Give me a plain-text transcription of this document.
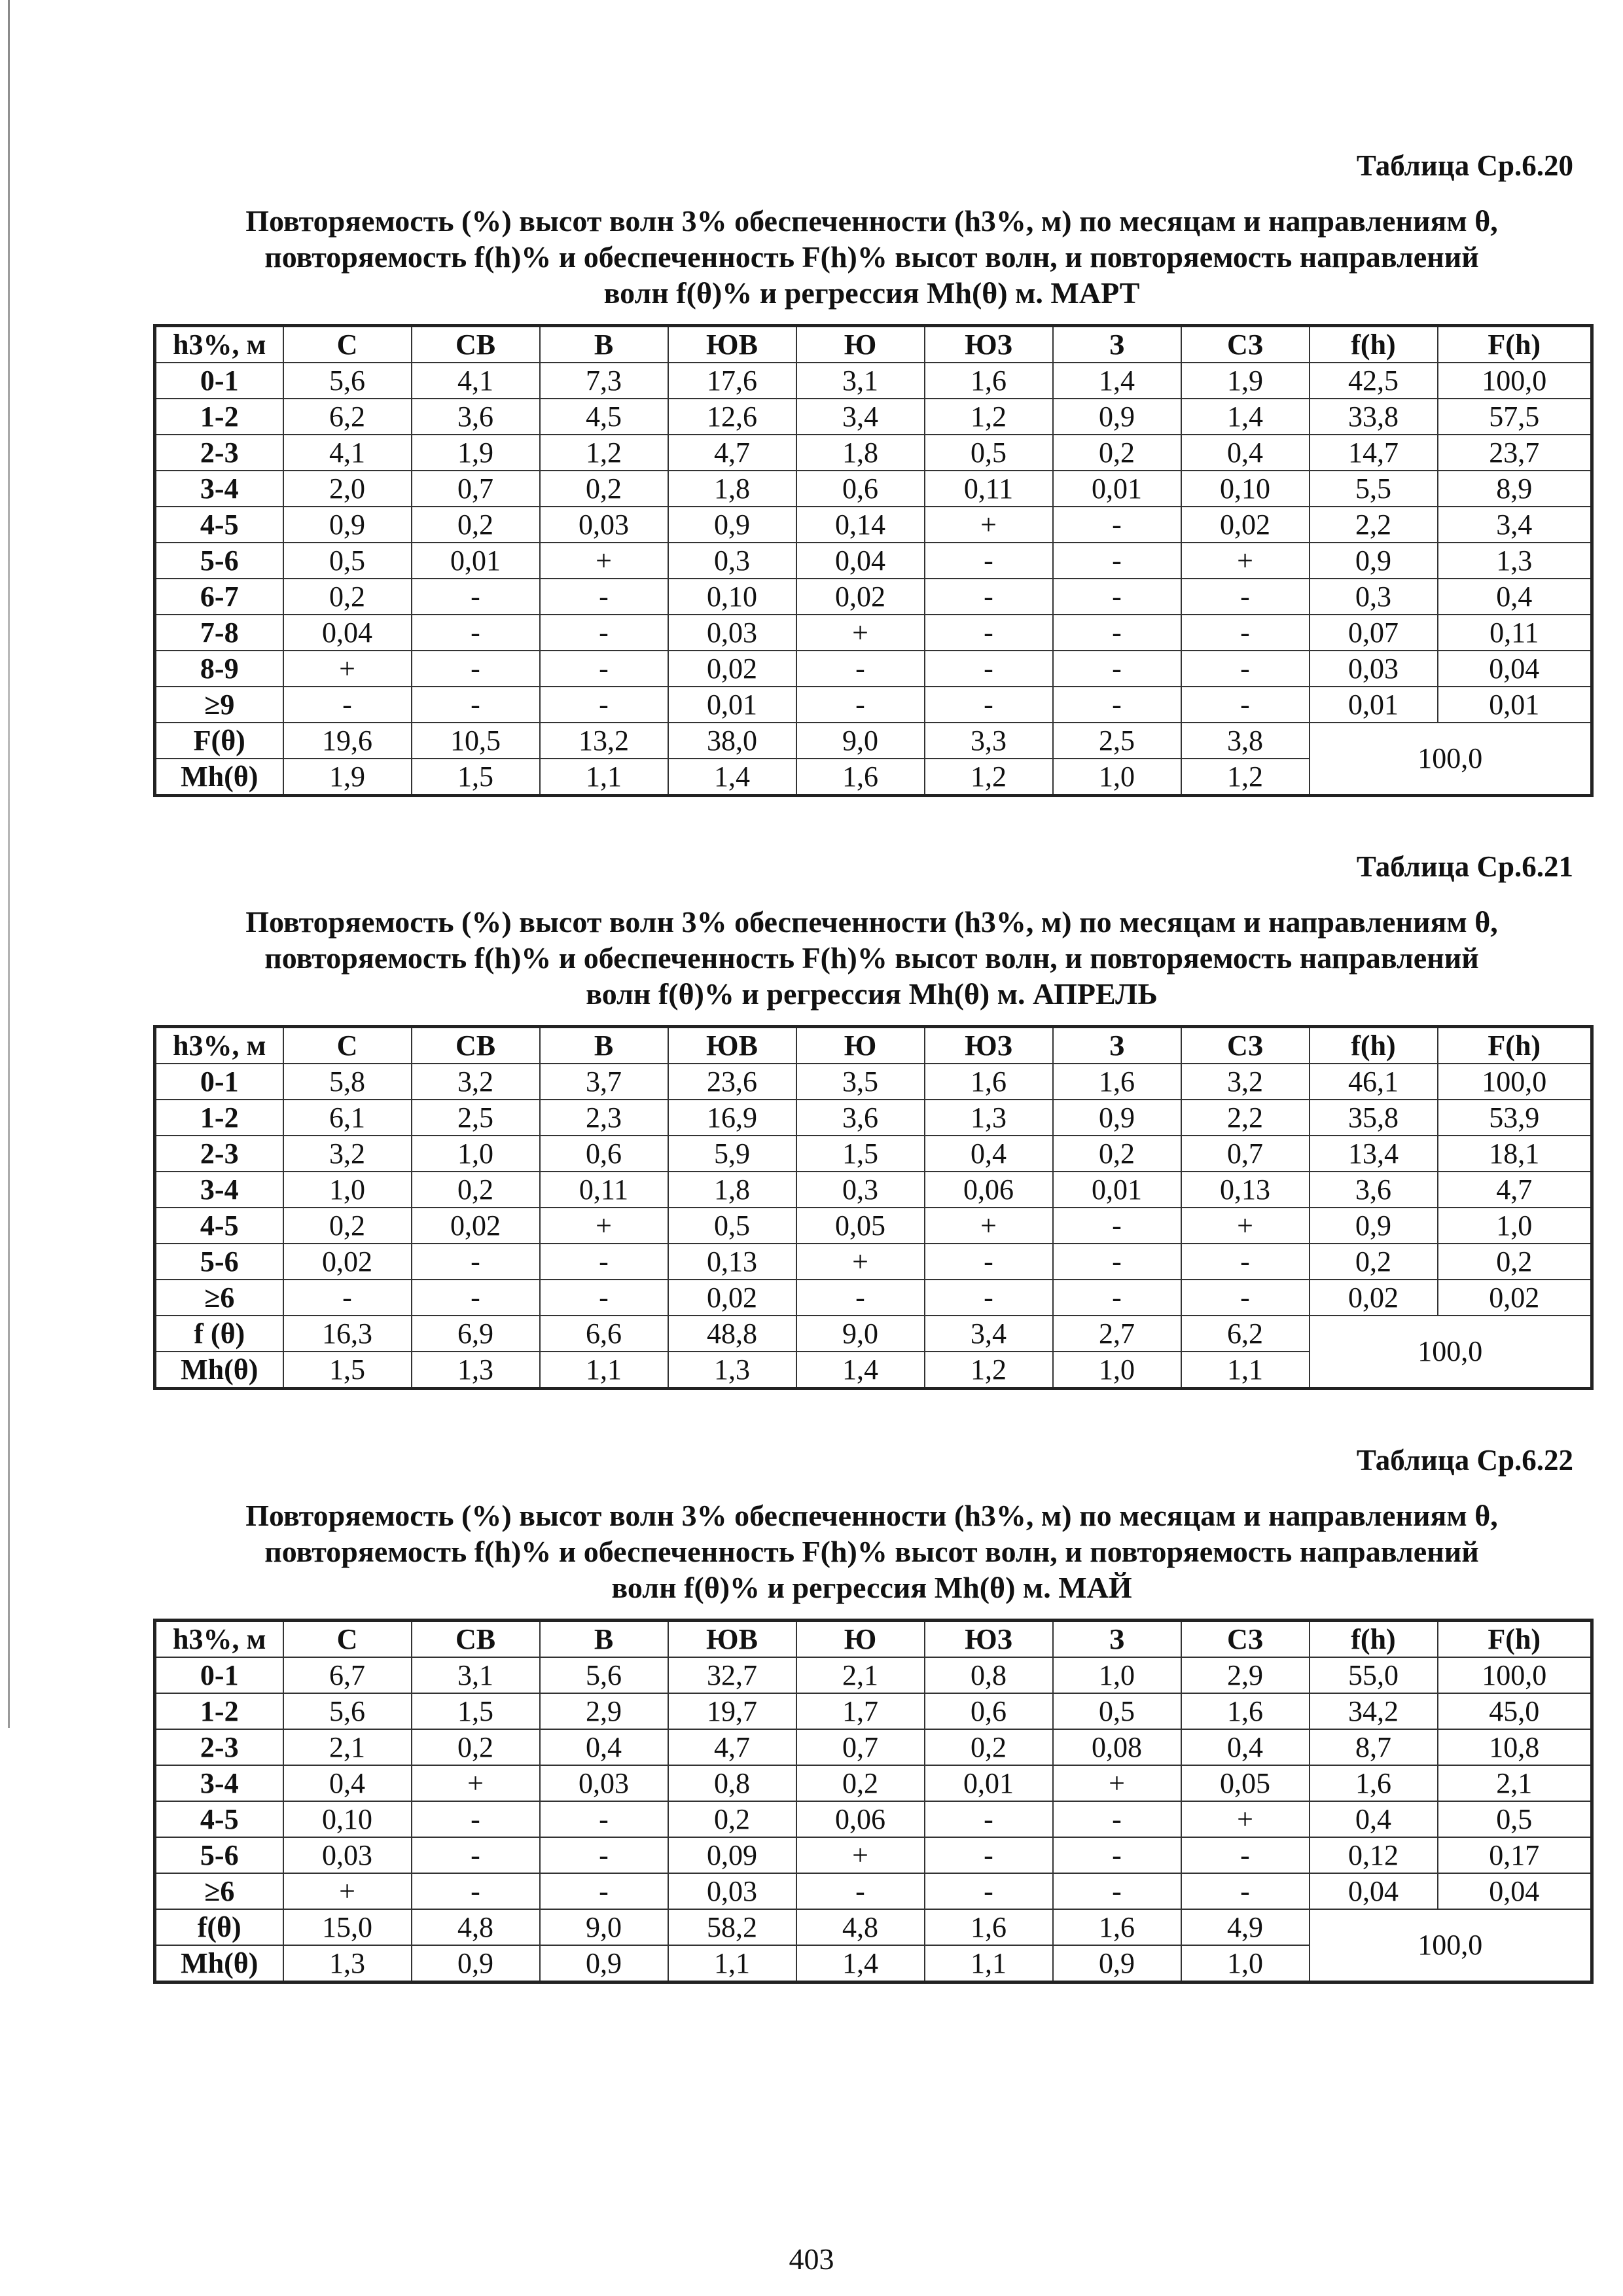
Таблица Ср.6.20
Повторяемость (%) высот волн 3% обеспеченности (h3%, м) по месяцам и направлениям θ,
повторяемость f(h)% и обеспеченность F(h)% высот волн, и повторяемость направлений
волн f(θ)% и регрессия Mh(θ) м. МАРТ
h3%, м	С	СВ	В	ЮВ	Ю	ЮЗ	З	СЗ	f(h)	F(h)
0-1	5,6	4,1	7,3	17,6	3,1	1,6	1,4	1,9	42,5	100,0
1-2	6,2	3,6	4,5	12,6	3,4	1,2	0,9	1,4	33,8	57,5
2-3	4,1	1,9	1,2	4,7	1,8	0,5	0,2	0,4	14,7	23,7
3-4	2,0	0,7	0,2	1,8	0,6	0,11	0,01	0,10	5,5	8,9
4-5	0,9	0,2	0,03	0,9	0,14	+	-	0,02	2,2	3,4
5-6	0,5	0,01	+	0,3	0,04	-	-	+	0,9	1,3
6-7	0,2	-	-	0,10	0,02	-	-	-	0,3	0,4
7-8	0,04	-	-	0,03	+	-	-	-	0,07	0,11
8-9	+	-	-	0,02	-	-	-	-	0,03	0,04
≥9	-	-	-	0,01	-	-	-	-	0,01	0,01
F(θ)	19,6	10,5	13,2	38,0	9,0	3,3	2,5	3,8	100,0	
Mh(θ)	1,9	1,5	1,1	1,4	1,6	1,2	1,0	1,2		
Таблица Ср.6.21
Повторяемость (%) высот волн 3% обеспеченности (h3%, м) по месяцам и направлениям θ,
повторяемость f(h)% и обеспеченность F(h)% высот волн, и повторяемость направлений
волн f(θ)% и регрессия Mh(θ) м. АПРЕЛЬ
h3%, м	С	СВ	В	ЮВ	Ю	ЮЗ	З	СЗ	f(h)	F(h)
0-1	5,8	3,2	3,7	23,6	3,5	1,6	1,6	3,2	46,1	100,0
1-2	6,1	2,5	2,3	16,9	3,6	1,3	0,9	2,2	35,8	53,9
2-3	3,2	1,0	0,6	5,9	1,5	0,4	0,2	0,7	13,4	18,1
3-4	1,0	0,2	0,11	1,8	0,3	0,06	0,01	0,13	3,6	4,7
4-5	0,2	0,02	+	0,5	0,05	+	-	+	0,9	1,0
5-6	0,02	-	-	0,13	+	-	-	-	0,2	0,2
≥6	-	-	-	0,02	-	-	-	-	0,02	0,02
f (θ)	16,3	6,9	6,6	48,8	9,0	3,4	2,7	6,2	100,0	
Mh(θ)	1,5	1,3	1,1	1,3	1,4	1,2	1,0	1,1		
Таблица Ср.6.22
Повторяемость (%) высот волн 3% обеспеченности (h3%, м) по месяцам и направлениям θ,
повторяемость f(h)% и обеспеченность F(h)% высот волн, и повторяемость направлений
волн f(θ)% и регрессия Mh(θ) м. МАЙ
h3%, м	С	СВ	В	ЮВ	Ю	ЮЗ	З	СЗ	f(h)	F(h)
0-1	6,7	3,1	5,6	32,7	2,1	0,8	1,0	2,9	55,0	100,0
1-2	5,6	1,5	2,9	19,7	1,7	0,6	0,5	1,6	34,2	45,0
2-3	2,1	0,2	0,4	4,7	0,7	0,2	0,08	0,4	8,7	10,8
3-4	0,4	+	0,03	0,8	0,2	0,01	+	0,05	1,6	2,1
4-5	0,10	-	-	0,2	0,06	-	-	+	0,4	0,5
5-6	0,03	-	-	0,09	+	-	-	-	0,12	0,17
≥6	+	-	-	0,03	-	-	-	-	0,04	0,04
f(θ)	15,0	4,8	9,0	58,2	4,8	1,6	1,6	4,9	100,0	
Mh(θ)	1,3	0,9	0,9	1,1	1,4	1,1	0,9	1,0		
403
